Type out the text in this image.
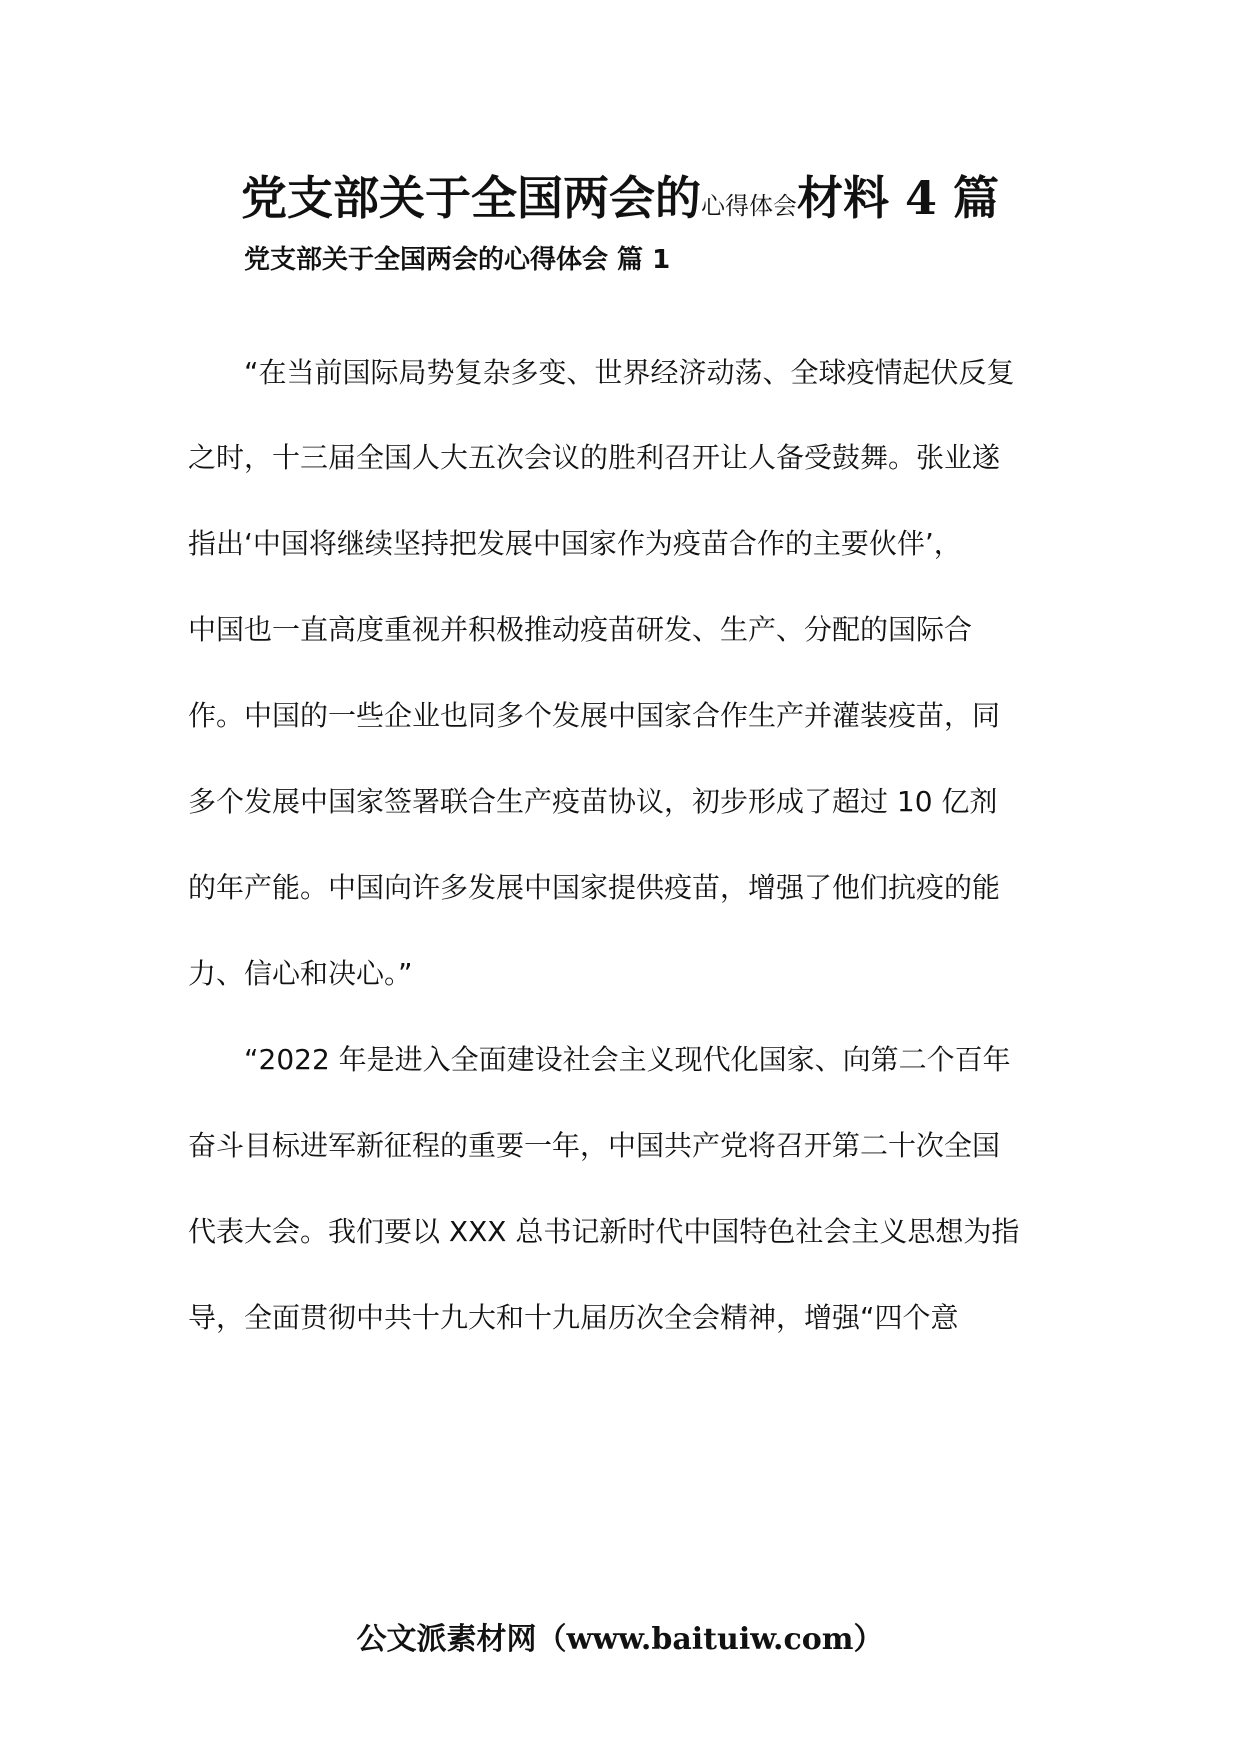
党支部关于全国两会的心得体会材料 4 篇
党支部关于全国两会的心得体会 篇 1
“在当前国际局势复杂多变、世界经济动荡、全球疫情起伏反复
之时，十三届全国人大五次会议的胜利召开让人备受鼓舞。张业遂
指出‘中国将继续坚持把发展中国家作为疫苗合作的主要伙伴’，
中国也一直高度重视并积极推动疫苗研发、生产、分配的国际合
作。中国的一些企业也同多个发展中国家合作生产并灌装疫苗，同
多个发展中国家签署联合生产疫苗协议，初步形成了超过 10 亿剂
的年产能。中国向许多发展中国家提供疫苗，增强了他们抗疫的能
力、信心和决心。”
“2022 年是进入全面建设社会主义现代化国家、向第二个百年
奋斗目标进军新征程的重要一年，中国共产党将召开第二十次全国
代表大会。我们要以 XXX 总书记新时代中国特色社会主义思想为指
导，全面贯彻中共十九大和十九届历次全会精神，增强“四个意
公文派素材网（www.baituiw.com）
